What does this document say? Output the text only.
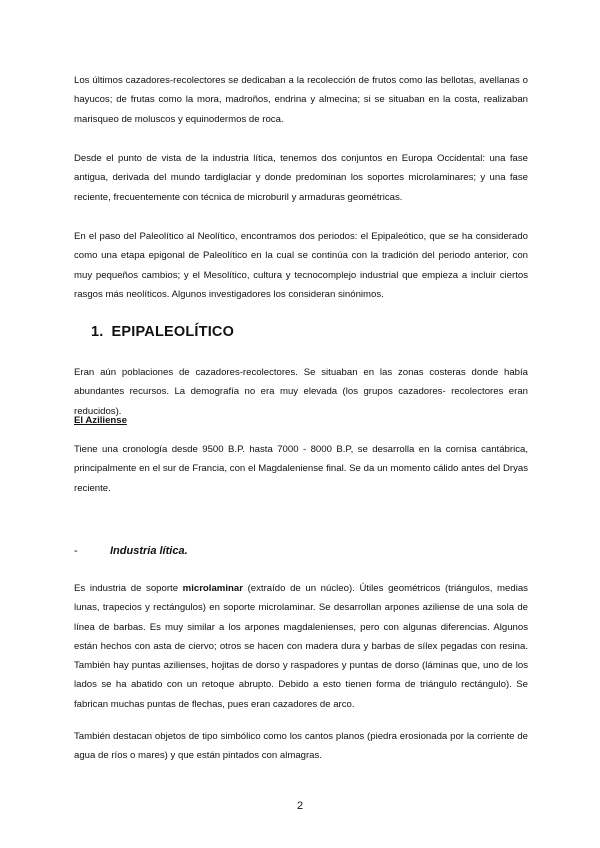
Los últimos cazadores-recolectores se dedicaban a la recolección de frutos como las bellotas, avellanas o hayucos; de frutas como la mora, madroños, endrina y almecina; si se situaban en la costa, realizaban marisqueo de moluscos y equinodermos de roca.

Desde el punto de vista de la industria lítica, tenemos dos conjuntos en Europa Occidental: una fase antigua, derivada del mundo tardiglaciar y donde predominan los soportes microlaminares; y una fase reciente, frecuentemente con técnica de microburil y armaduras geométricas.

En el paso del Paleolítico al Neolítico, encontramos dos periodos: el Epipaleótico, que se ha considerado como una etapa epigonal de Paleolítico en la cual se continúa con la tradición del periodo anterior, con muy pequeños cambios; y el Mesolítico, cultura y tecnocomplejo industrial que empieza a incluir ciertos rasgos más neolíticos. Algunos investigadores los consideran sinónimos.

1. EPIPALEOLÍTICO

Eran aún poblaciones de cazadores-recolectores. Se situaban en las zonas costeras donde había abundantes recursos. La demografía no era muy elevada (los grupos cazadores- recolectores eran reducidos).

El Aziliense

Tiene una cronología desde 9500 B.P. hasta 7000 - 8000 B.P, se desarrolla en la cornisa cantábrica, principalmente en el sur de Francia, con el Magdaleniense final. Se da un momento cálido antes del Dryas reciente.

-	Industria lítica.

Es industria de soporte microlaminar (extraído de un núcleo). Útiles geométricos (triángulos, medias lunas, trapecios y rectángulos) en soporte microlaminar. Se desarrollan arpones aziliense de una sola de línea de barbas. Es muy similar a los arpones magdalenienses, pero con algunas diferencias. Algunos están hechos con asta de ciervo; otros se hacen con madera dura y barbas de sílex pegadas con resina. También hay puntas azilienses, hojitas de dorso y raspadores y puntas de dorso (láminas que, uno de los lados se ha abatido con un retoque abrupto. Debido a esto tienen forma de triángulo rectángulo). Se fabrican muchas puntas de flechas, pues eran cazadores de arco.

También destacan objetos de tipo simbólico como los cantos planos (piedra erosionada por la corriente de agua de ríos o mares) y que están pintados con almagras.

2
